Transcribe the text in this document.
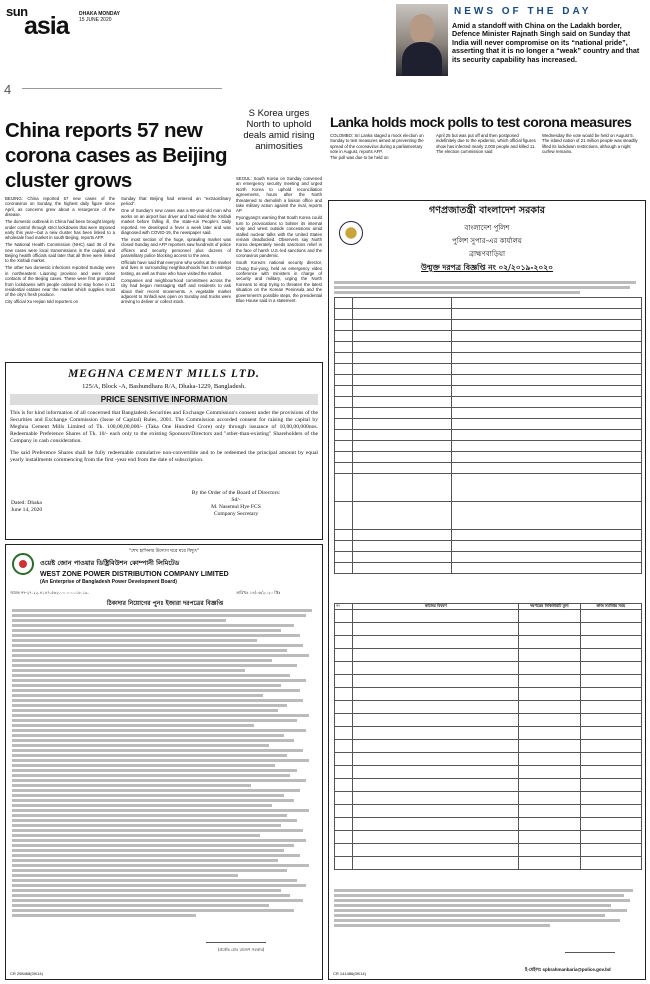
sun
asia DHAKA MONDAY
15 JUNE 2020
4
NEWS OF THE DAY
Amid a standoff with China on the Ladakh border, Defence Minister Rajnath Singh said on Sunday that India will never compromise on its “national pride”, asserting that it is no longer a “weak” country and that its security capability has increased.
China reports 57 new corona cases as Beijing cluster grows

BEIJING: China reported 57 new cases of the coronavirus on Sunday, the highest daily figure since April, as concerns grew about a resurgence of the disease.

The domestic outbreak in China had been brought largely under control through strict lockdowns that were imposed early this year—but a new cluster has been linked to a wholesale food market in south Beijing, reports AFP.

The National Health Commission (NHC) said 36 of the new cases were local transmissions in the capital, and Beijing health officials said later that all three were linked to the Xinfadi market.

The other two domestic infections reported Sunday were in northeastern Liaoning province and were close contacts of the Beijing cases. These were first prompted from lockdowns with people ordered to stay home in 11 residential estates near the market which supplies most of the city's fresh produce.

City official Xu Hejian told reporters on

Sunday that Beijing had entered an “extraordinary period”.

One of Sunday's new cases was a 58-year-old man who works on an airport bus driver and had visited the Xinfadi market before falling ill, the state-run People's Daily reported. He developed a fever a week later and was diagnosed with COVID-19, the newspaper said.

The most section of the huge, sprawling market was closed Sunday and AFP reporters saw hundreds of police officers and security personnel plus dozens of paramilitary police blocking access to the area.

Officials have said that everyone who works at the market and lives in surrounding neighbourhoods has to undergo testing, as well as those who have visited the market.

Companies and neighbourhood committees across the city had begun messaging staff and residents to ask about their recent movements. A vegetable market adjacent to Xinfadi was open on Sunday and trucks were arriving to deliver or collect stock.

S Korea urges North to uphold deals amid rising animosities

SEOUL: South Korea on Sunday convened an emergency security meeting and urged North Korea to uphold reconciliation agreements, hours after the North threatened to demolish a liaison office and take military action against the rival, reports AP.

Pyongyang's warning that South Korea could turn to provocations to bolster its internal unity and wrest outside concessions amid stalled nuclear talks with the United States remain deadlocked. Observers say North Korea desperately needs sanctions relief in the face of harsh U.S.-led sanctions and the coronavirus pandemic.

South Korea's national security director, Chung Eui-yong, held an emergency video conference with ministers in charge of security and military, urging the North Koreans to stop trying to threaten the latest situation on the Korean Peninsula and the government's possible steps, the presidential Blue House said in a statement.

Lanka holds mock polls to test corona measures
COLOMBO: Sri Lanka staged a mock election on Sunday to test measures aimed at preventing the spread of the coronavirus during a parliamentary vote in August, reports AFP.
The poll was due to be held on
April 25 but was put off and then postponed indefinitely due to the epidemic, which official figures show has infected nearly 2,000 people and killed 11.
The election commission said
Wednesday the vote would be held on August 5.
The island nation of 21 million people was steadily lifted its lockdown restrictions, although a night curfew remains.
MEGHNA CEMENT MILLS LTD.
125/A, Block -A, Bashundhara R/A, Dhaka-1229, Bangladesh.
PRICE SENSITIVE INFORMATION
This is for kind information of all concerned that Bangladesh Securities and Exchange Commission's consent under the provisions of the Securities and Exchange Commission (Issue of Capital) Rules, 2001. The Commission accorded consent for raising the capital by Meghna Cement Mills Limited of Tk. 100,00,00,000/- (Taka One Hundred Crore) only through issuance of 10,00,00,000nos. Redeemable Preference Shares of Tk. 10/- each only to the existing Sponsors/Directors and "other-than-existing" Shareholders of the Company in cash consideration.
The said Preference Shares shall be fully redeemable cumulative non-convertible and to be redeemed the principal amount by equal yearly installments commencing from the first -year end from the date of subscription.
Dated: Dhaka
June 14, 2020
By the Order of the Board of Directors:
Sd/-
M. Nasemul Hye FCS
Company Secretary
"শেখ হাসিনার উদ্যোগ ঘরে ঘরে বিদ্যুৎ"
ওয়েষ্ট জোন পাওয়ার ডিষ্ট্রিবিউশন কোম্পানী লিমিটেড
WEST ZONE POWER DISTRIBUTION COMPANY LIMITED
(An Enterprise of Bangladesh Power Development Board)
স্মারক নং-২৭.২২.৪১৪৭.৫৬২.০০.০০.০১৮.১৯.	তারিখঃ ১৪/০৬/২০২০ খ্রিঃ
ঠিকাদার নিয়োগের পুনঃ ইজারা দরপত্রের বিজ্ঞপ্তি
(প্রকৌঃ মোঃ রাজেশ সরকার)
CR 298468(09/14)
গণপ্রজাতন্ত্রী বাংলাদেশ সরকার
বাংলাদেশ পুলিশ
পুলিশ সুপার-এর কার্যালয়
ব্রাহ্মণবাড়িয়া
উন্মুক্ত দরপত্র বিজ্ঞপ্তি নং ০২/২০১৯-২০২০

নং	কাজের বিবরণ	দরপত্রের সিকিউরিটি মূল্য	কাজ সমাপ্তির সময়

ই-মেইলঃ spbrahmanbaria@police.gov.bd
CR 141486(09/14)
